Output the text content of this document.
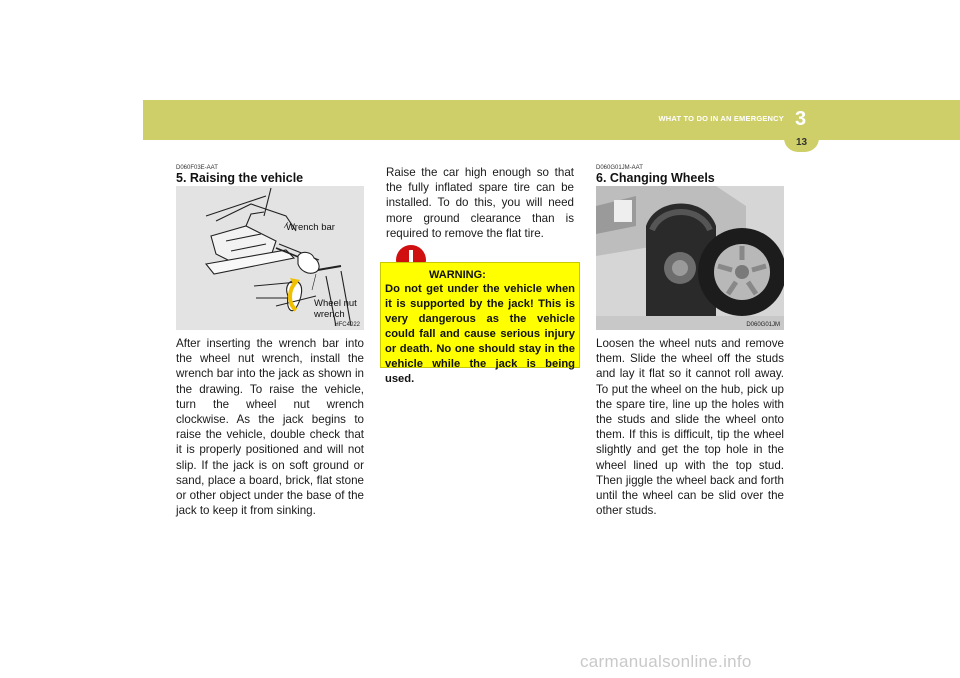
3
13
WHAT TO DO IN AN EMERGENCY
D060F03E-AAT
5. Raising the vehicle
Wrench bar
Wheel nut
wrench
HFC4022
After inserting the wrench bar into the wheel nut wrench, install the wrench bar into the jack as shown in the drawing. To raise the vehicle, turn the wheel nut wrench clockwise. As the jack begins to raise the vehicle, double check that it is properly positioned and will not slip. If the jack is on soft ground or sand, place a board, brick, flat stone or other object under the base of the jack to keep it from sinking.
Raise the car high enough so that the fully inflated spare tire can be installed. To do this, you will need more ground clearance than is required to remove the flat tire.
WARNING:
Do not get under the vehicle when it is supported by the jack! This is very dangerous as the vehicle could fall and cause serious injury or death. No one should stay in the vehicle while the jack is being used.
D060G01JM-AAT
6. Changing Wheels
D060G01JM
Loosen the wheel nuts and remove them. Slide the wheel off the studs and lay it flat so it cannot roll away. To put the wheel on the hub, pick up the spare tire, line up the holes with the studs and slide the wheel onto them. If this is difficult, tip the wheel slightly and get the top hole in the wheel lined up with the top stud. Then jiggle the wheel back and forth until the wheel can be slid over the other studs.
carmanualsonline.info
